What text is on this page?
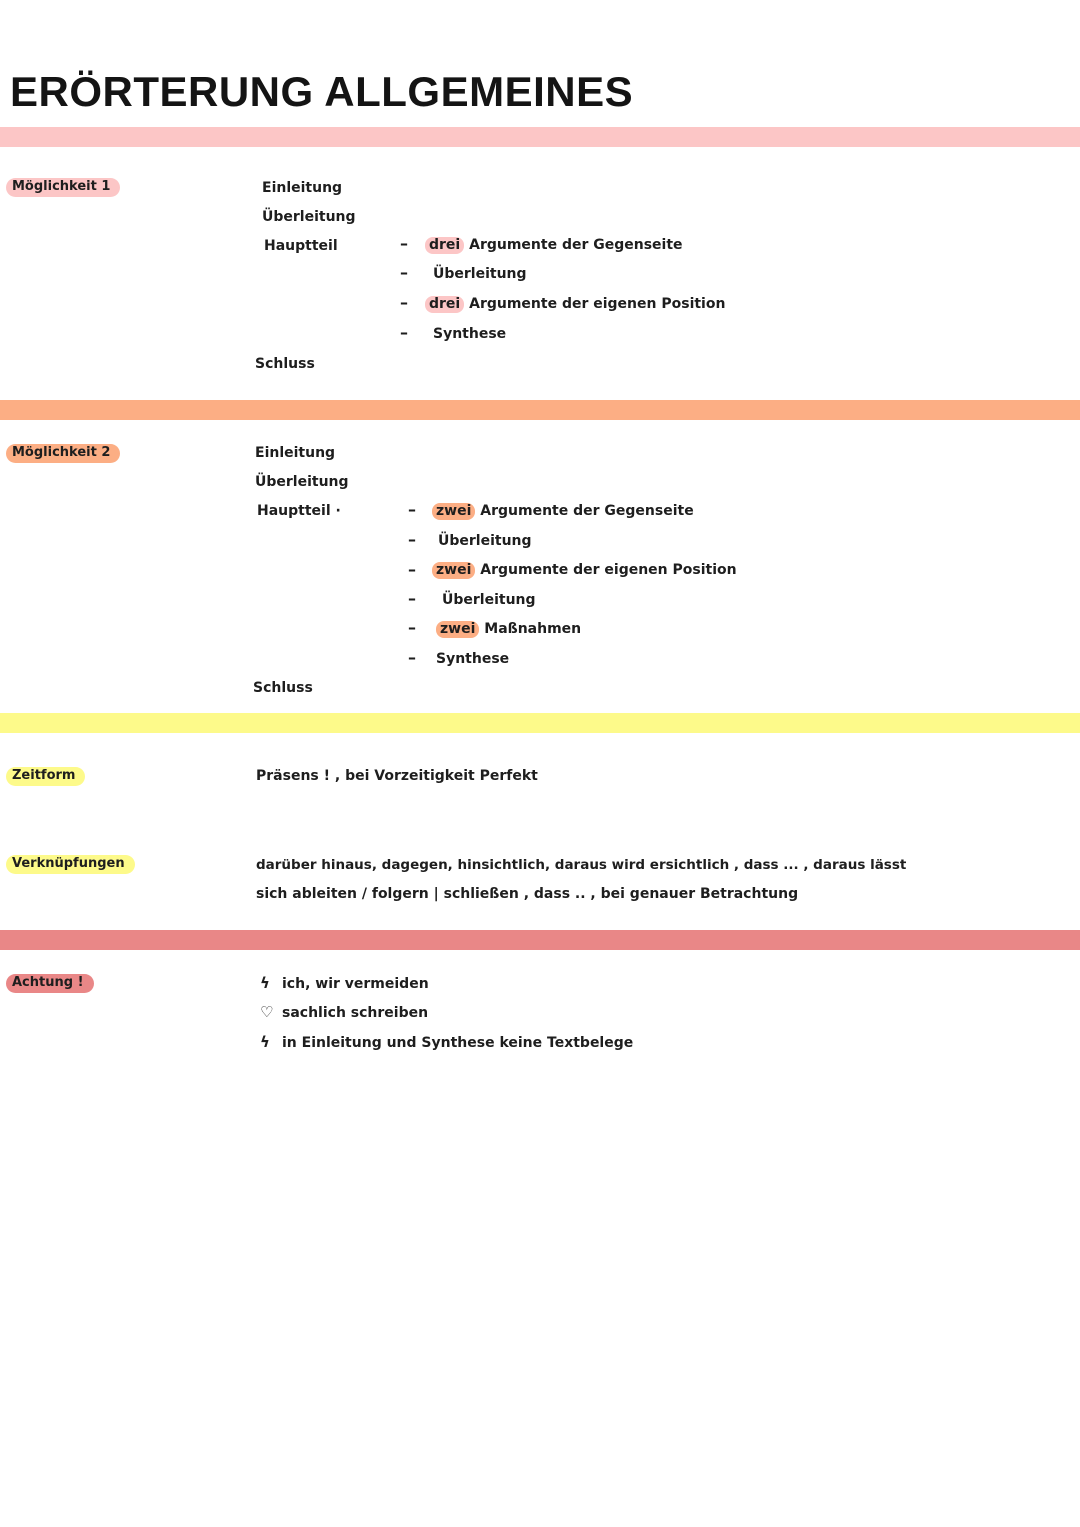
ERÖRTERUNG ALLGEMEINES
Möglichkeit 1	Einleitung
Überleitung
Hauptteil	– drei Argumente der Gegenseite
– Überleitung
– drei Argumente der eigenen Position
– Synthese
Schluss
Möglichkeit 2	Einleitung
Überleitung
Hauptteil ·	– zwei Argumente der Gegenseite
– Überleitung
– zwei Argumente der eigenen Position
– Überleitung
– zwei Maßnahmen
– Synthese
Schluss
Zeitform	Präsens ! , bei Vorzeitigkeit Perfekt
Verknüpfungen	darüber hinaus, dagegen, hinsichtlich, daraus wird ersichtlich , dass ... , daraus lässt
sich ableiten / folgern | schließen , dass .. , bei genauer Betrachtung
Achtung !	ϟ ich, wir vermeiden
♡ sachlich schreiben
ϟ in Einleitung und Synthese keine Textbelege
